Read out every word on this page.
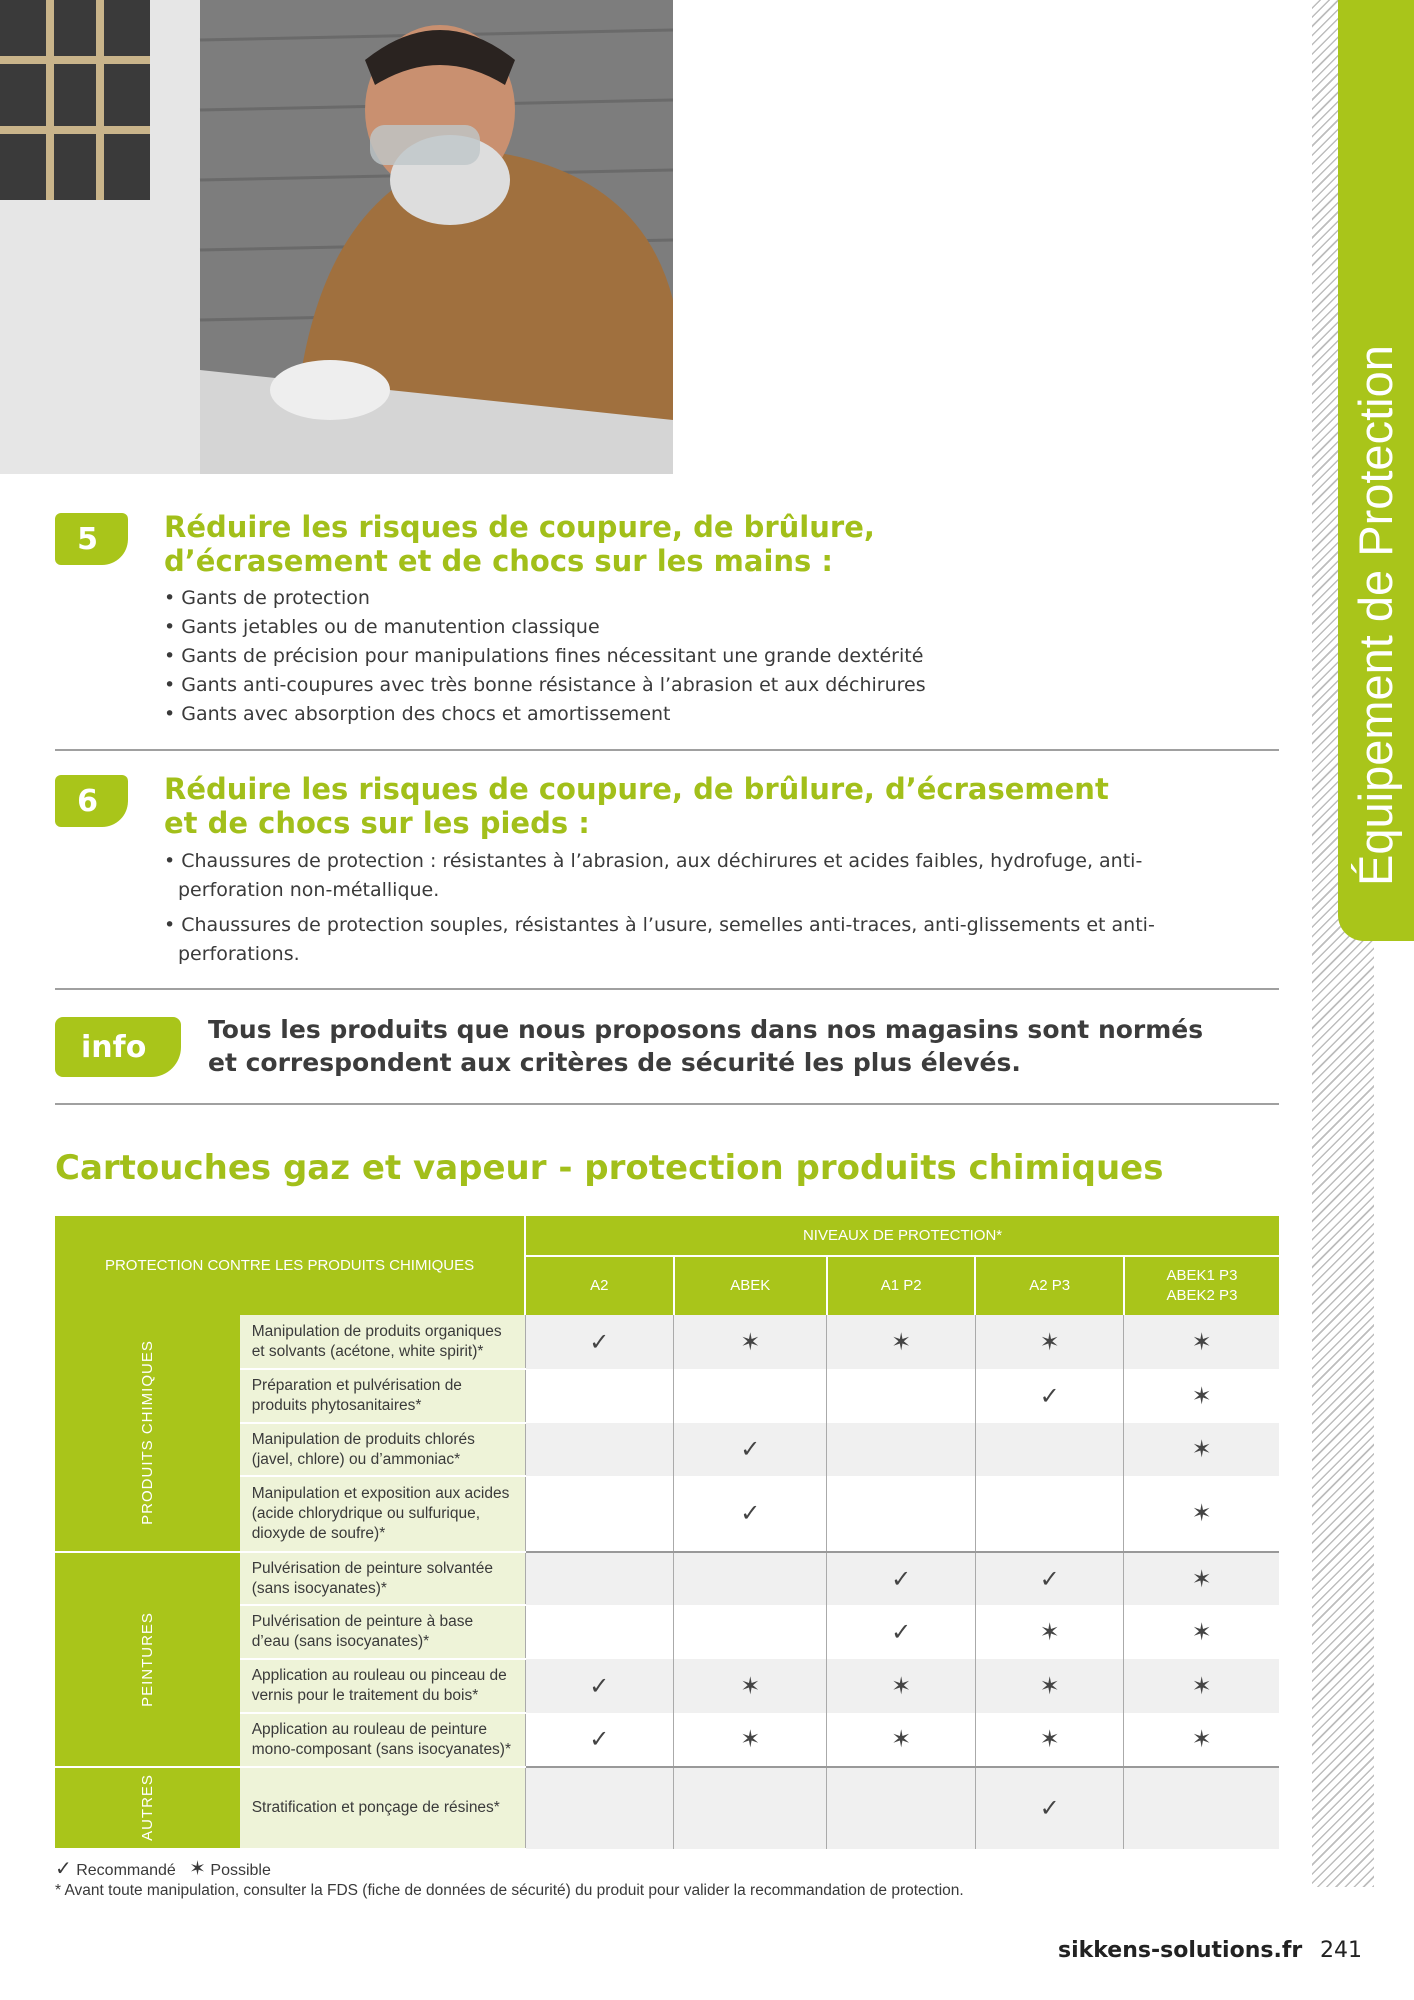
Équipement de Protection
5	Réduire les risques de coupure, de brûlure,
d’écrasement et de chocs sur les mains :
• Gants de protection
• Gants jetables ou de manutention classique
• Gants de précision pour manipulations fines nécessitant une grande dextérité
• Gants anti-coupures avec très bonne résistance à l’abrasion et aux déchirures
• Gants avec absorption des chocs et amortissement
6	Réduire les risques de coupure, de brûlure, d’écrasement
et de chocs sur les pieds :
• Chaussures de protection : résistantes à l’abrasion, aux déchirures et acides faibles, hydrofuge, anti-perforation non-métallique.
• Chaussures de protection souples, résistantes à l’usure, semelles anti-traces, anti-glissements et anti-perforations.
info	Tous les produits que nous proposons dans nos magasins sont normés
et correspondent aux critères de sécurité les plus élevés.
Cartouches gaz et vapeur - protection produits chimiques
PROTECTION CONTRE LES PRODUITS CHIMIQUES		NIVEAUX DE PROTECTION*				
		A2	ABEK	A1 P2	A2 P3	ABEK1 P3 ABEK2 P3
PRODUITS CHIMIQUES	Manipulation de produits organiques et solvants (acétone, white spirit)*	✓	✶	✶	✶	✶
	Préparation et pulvérisation de produits phytosanitaires*				✓	✶
	Manipulation de produits chlorés (javel, chlore) ou d’ammoniac*		✓			✶
	Manipulation et exposition aux acides (acide chlorydrique ou sulfurique, dioxyde de soufre)*		✓			✶
PEINTURES	Pulvérisation de peinture solvantée (sans isocyanates)*			✓	✓	✶
	Pulvérisation de peinture à base d’eau (sans isocyanates)*			✓	✶	✶
	Application au rouleau ou pinceau de vernis pour le traitement du bois*	✓	✶	✶	✶	✶
	Application au rouleau de peinture mono-composant (sans isocyanates)*	✓	✶	✶	✶	✶
AUTRES	Stratification et ponçage de résines*				✓	
✓ Recommandé ✶ Possible
* Avant toute manipulation, consulter la FDS (fiche de données de sécurité) du produit pour valider la recommandation de protection.
sikkens-solutions.fr 241
